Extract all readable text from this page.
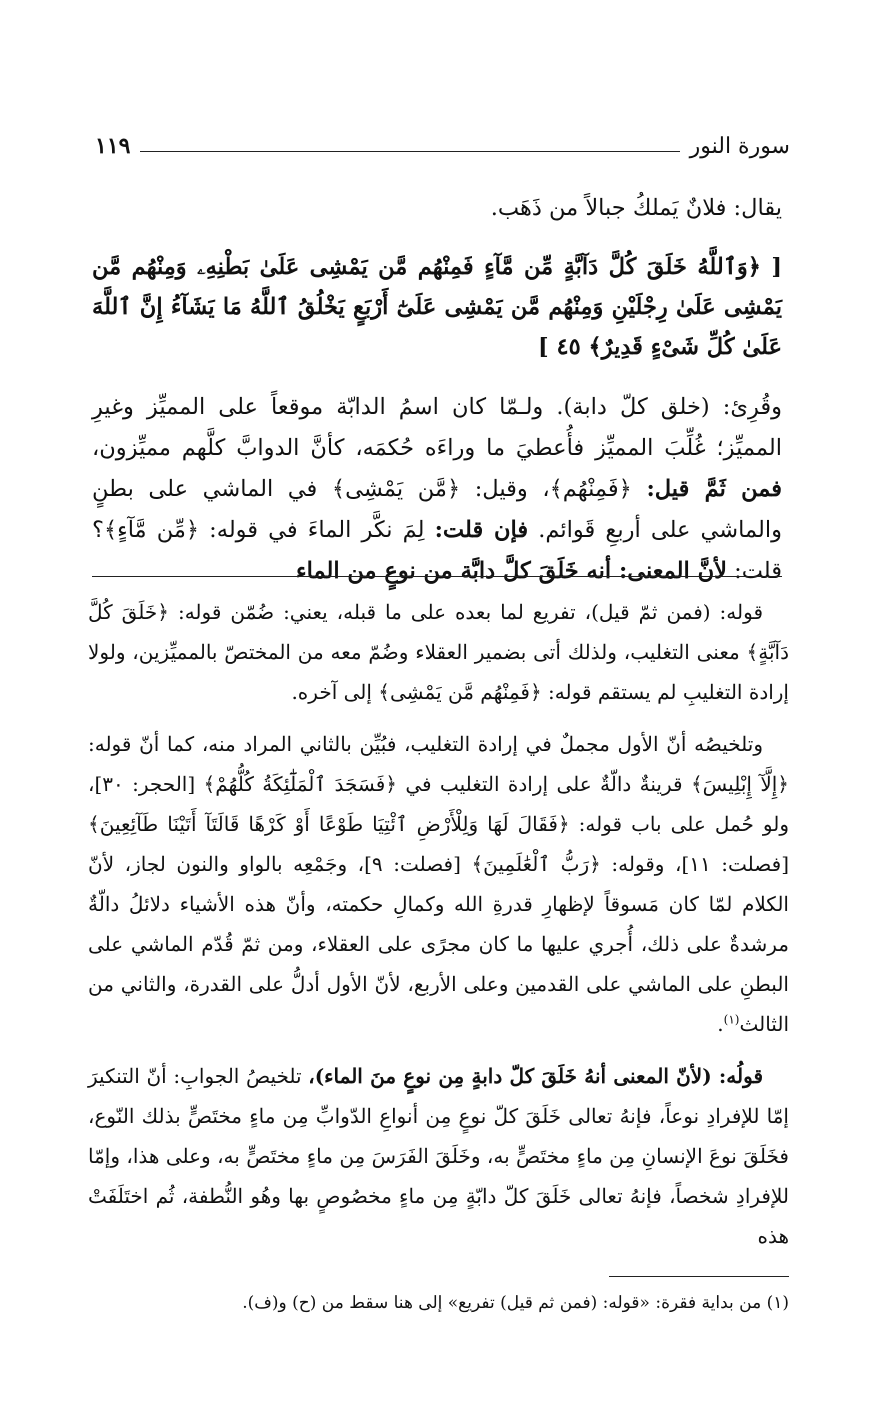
سورة النور
١١٩

يقال: فلانٌ يَملكُ جبالاً من ذَهَب.

[ ﴿وَٱللَّهُ خَلَقَ كُلَّ دَآبَّةٍ مِّن مَّآءٍ فَمِنْهُم مَّن يَمْشِى عَلَىٰ بَطْنِهِۦ وَمِنْهُم مَّن يَمْشِى عَلَىٰ رِجْلَيْنِ وَمِنْهُم مَّن يَمْشِى عَلَىٰٓ أَرْبَعٍ يَخْلُقُ ٱللَّهُ مَا يَشَآءُ إِنَّ ٱللَّهَ عَلَىٰ كُلِّ شَىْءٍ قَدِيرٌ﴾ ٤٥ ]

وقُرِئ: (خلق كلّ دابة). ولـمّا كان اسمُ الدابّة موقعاً على المميِّز وغيرِ المميِّز؛ غُلِّبَ المميِّز فأُعطيَ ما وراءَه حُكمَه، كأنَّ الدوابَّ كلَّهم مميِّزون، فمن ثَمَّ قيل: ﴿فَمِنْهُم﴾، وقيل: ﴿مَّن يَمْشِى﴾ في الماشي على بطنٍ والماشي على أربعِ قَوائم. فإن قلت: لِمَ نكَّر الماءَ في قوله: ﴿مِّن مَّآءٍ﴾؟ قلت: لأنَّ المعنى: أنه خَلَقَ كلَّ دابَّة من نوعٍ من الماء

قوله: (فمن ثمّ قيل)، تفريع لما بعده على ما قبله، يعني: ضُمّن قوله: ﴿خَلَقَ كُلَّ دَآبَّةٍ﴾ معنى التغليب، ولذلك أتى بضمير العقلاء وضُمّ معه من المختصّ بالمميِّزين، ولولا إرادة التغليبِ لم يستقم قوله: ﴿فَمِنْهُم مَّن يَمْشِى﴾ إلى آخره.

وتلخيصُه أنّ الأول مجملٌ في إرادة التغليب، فبُيِّن بالثاني المراد منه، كما أنّ قوله: ﴿إِلَّآ إِبْلِيسَ﴾ قرينةٌ دالّةٌ على إرادة التغليب في ﴿فَسَجَدَ ٱلْمَلَٰٓئِكَةُ كُلُّهُمْ﴾ [الحجر: ٣٠]، ولو حُمل على باب قوله: ﴿فَقَالَ لَهَا وَلِلْأَرْضِ ٱئْتِيَا طَوْعًا أَوْ كَرْهًا قَالَتَآ أَتَيْنَا طَآئِعِينَ﴾ [فصلت: ١١]، وقوله: ﴿رَبُّ ٱلْعَٰلَمِينَ﴾ [فصلت: ٩]، وجَمْعِه بالواو والنون لجاز، لأنّ الكلام لمّا كان مَسوقاً لإظهارِ قدرةِ الله وكمالِ حكمته، وأنّ هذه الأشياء دلائلُ دالّةٌ مرشدةٌ على ذلك، أُجري عليها ما كان مجرًى على العقلاء، ومن ثمّ قُدّم الماشي على البطنِ على الماشي على القدمين وعلى الأربع، لأنّ الأول أدلُّ على القدرة، والثاني من الثالث$^{(١)}$.

قولُه: (لأنّ المعنى أنهُ خَلَقَ كلّ دابةٍ مِن نوعٍ منَ الماء)، تلخيصُ الجوابِ: أنّ التنكيرَ إمّا للإفرادِ نوعاً، فإنهُ تعالى خَلَقَ كلّ نوعٍ مِن أنواعِ الدّوابِّ مِن ماءٍ مختَصٍّ بذلك النّوع، فخَلَقَ نوعَ الإنسانِ مِن ماءٍ مختَصٍّ به، وخَلَقَ الفَرَسَ مِن ماءٍ مختَصٍّ به، وعلى هذا، وإمّا للإفرادِ شخصاً، فإنهُ تعالى خَلَقَ كلّ دابّةٍ مِن ماءٍ مخصُوصٍ بها وهُو النُّطفة، ثُم اختَلَفَتْ هذه

(١) من بداية فقرة: «قوله: (فمن ثم قيل) تفريع» إلى هنا سقط من (ح) و(ف).
